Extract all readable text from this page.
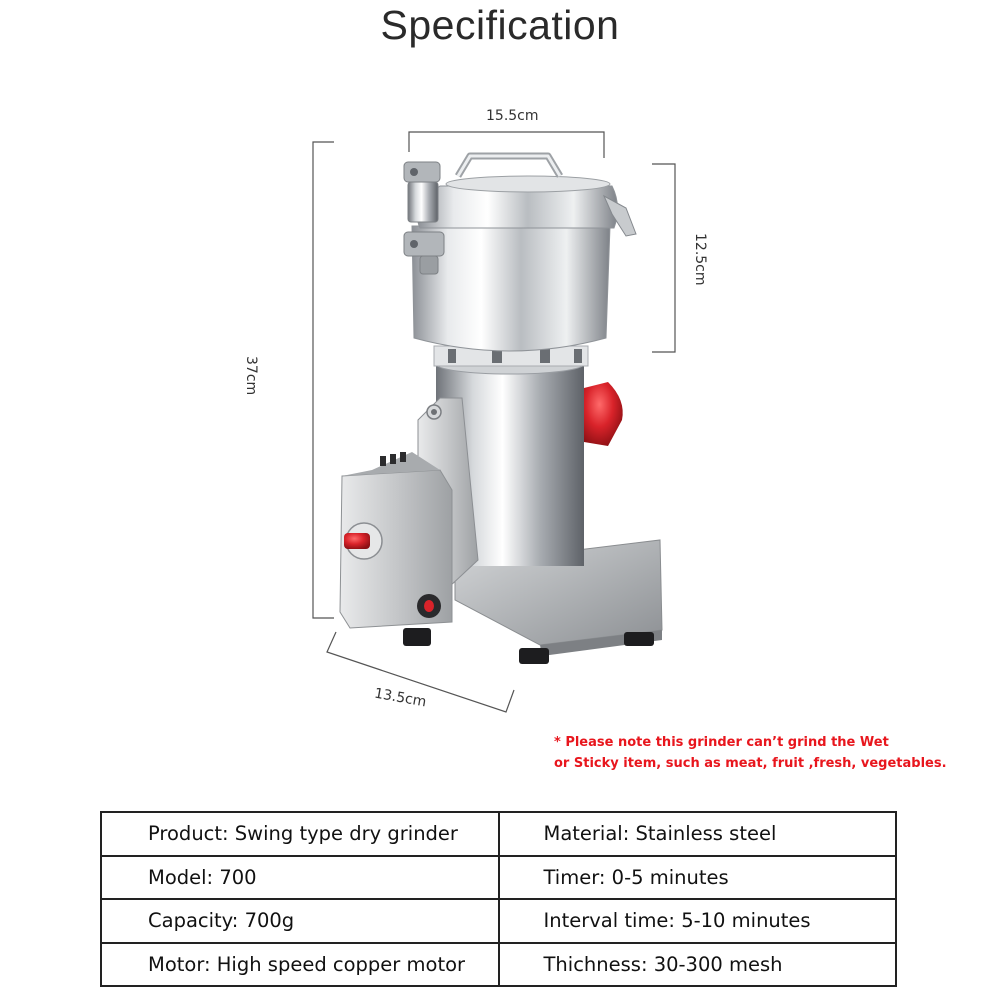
Specification
15.5cm
37cm
12.5cm
13.5cm
* Please note this grinder can’t grind the Wet
or Sticky item, such as meat, fruit ,fresh, vegetables.
Product: Swing type dry grinder	Material: Stainless steel
Model: 700	Timer: 0-5 minutes
Capacity: 700g	Interval time: 5-10 minutes
Motor: High speed copper motor	Thichness: 30-300 mesh
